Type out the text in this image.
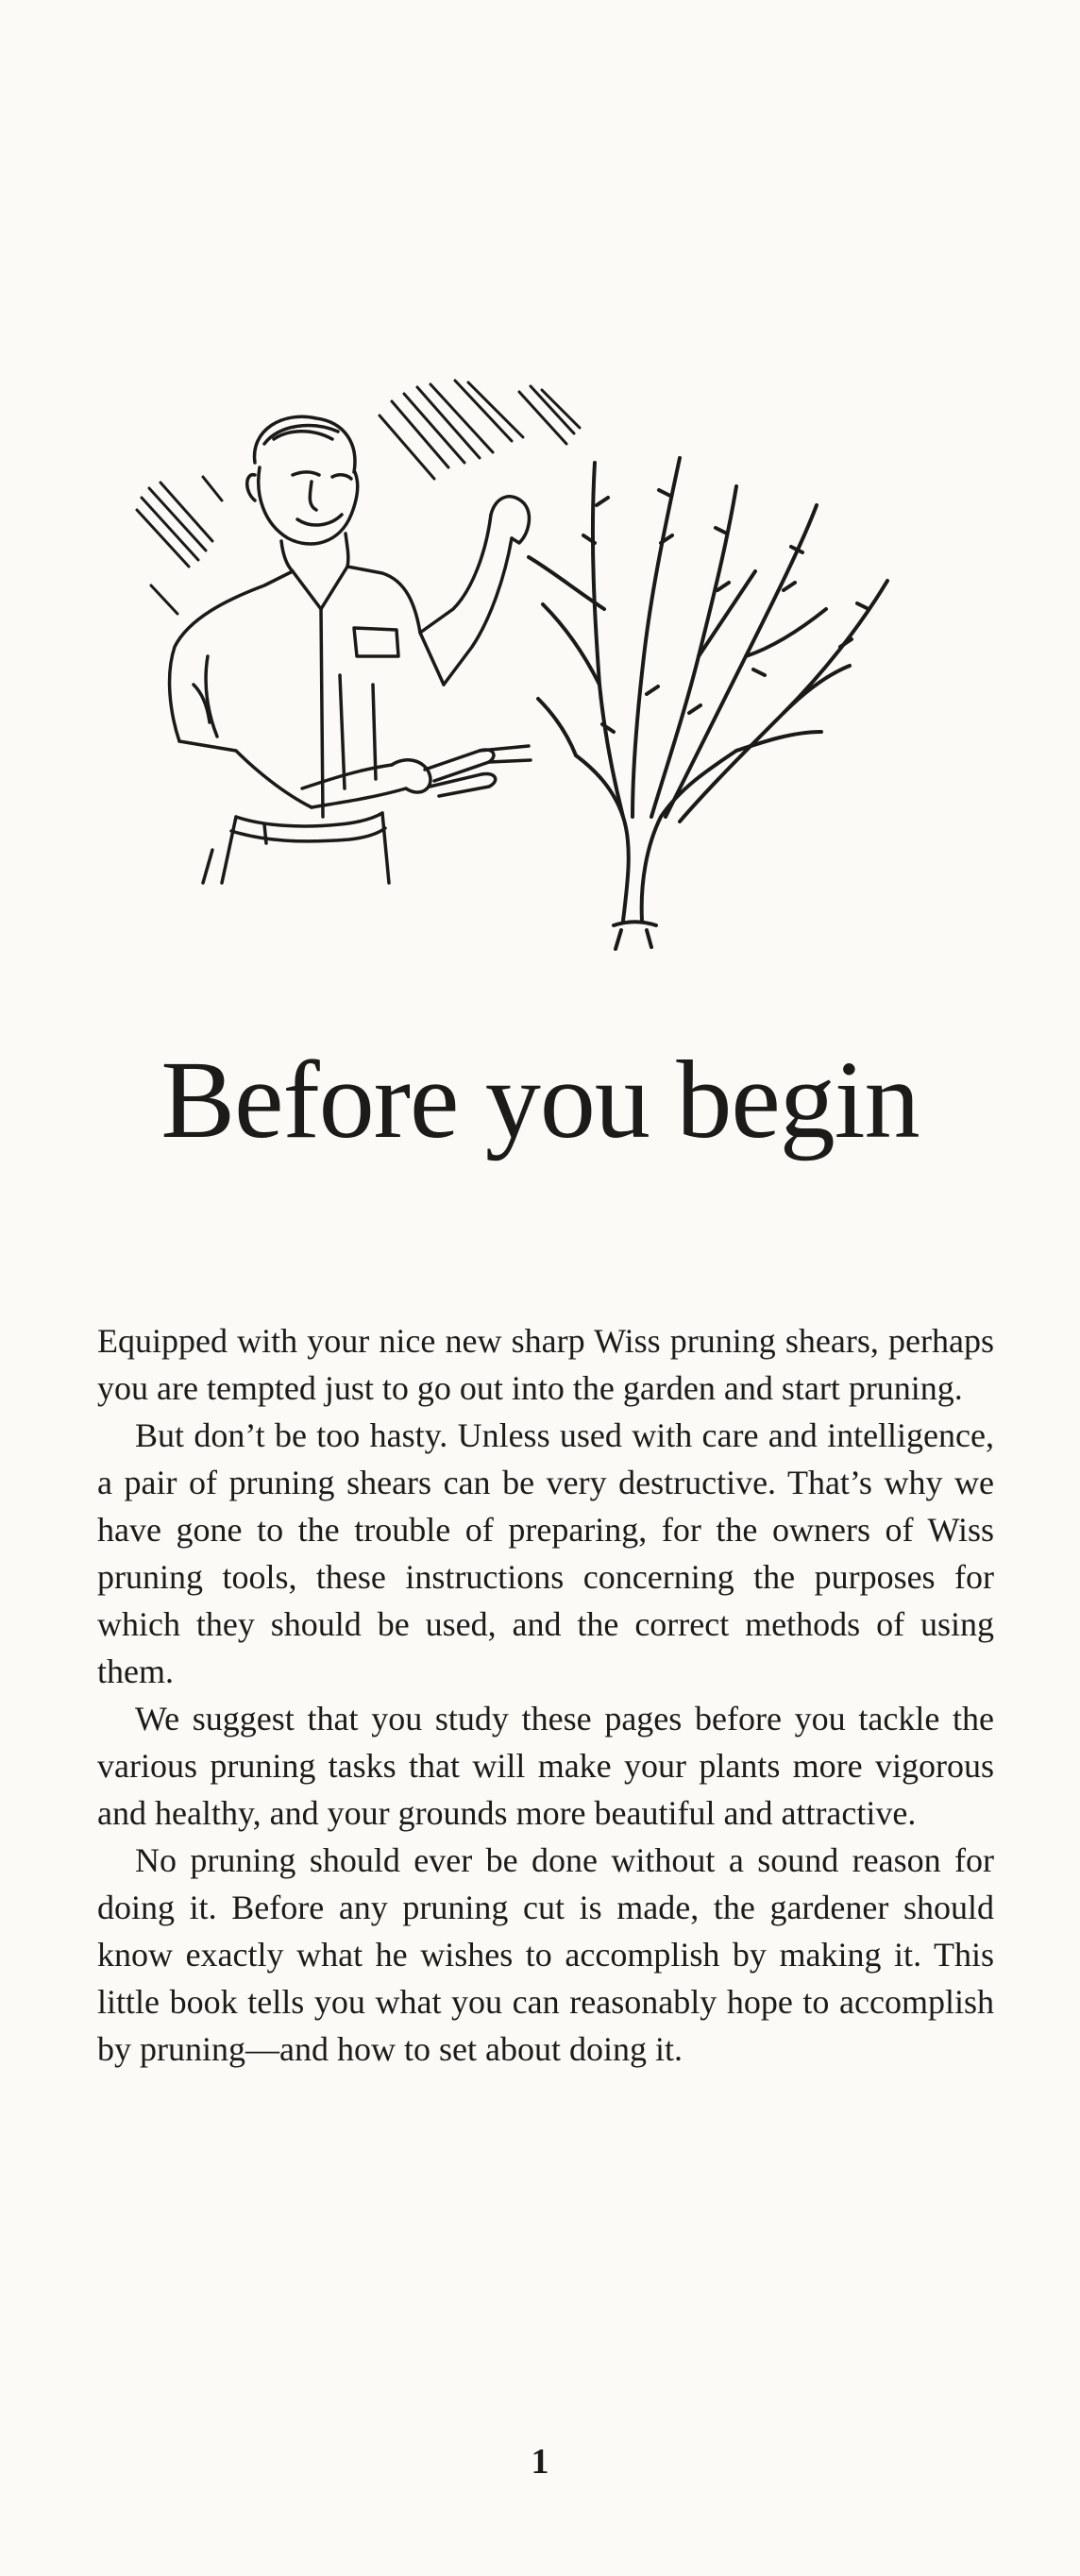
Before you begin

Equipped with your nice new sharp Wiss pruning shears, perhaps you are tempted just to go out into the garden and start pruning.

But don’t be too hasty. Unless used with care and intelligence, a pair of pruning shears can be very destructive. That’s why we have gone to the trouble of preparing, for the owners of Wiss pruning tools, these instructions concerning the purposes for which they should be used, and the correct methods of using them.

We suggest that you study these pages before you tackle the various pruning tasks that will make your plants more vigorous and healthy, and your grounds more beautiful and attractive.

No pruning should ever be done without a sound reason for doing it. Before any pruning cut is made, the gardener should know exactly what he wishes to accomplish by making it. This little book tells you what you can reasonably hope to accomplish by pruning—and how to set about doing it.

1
